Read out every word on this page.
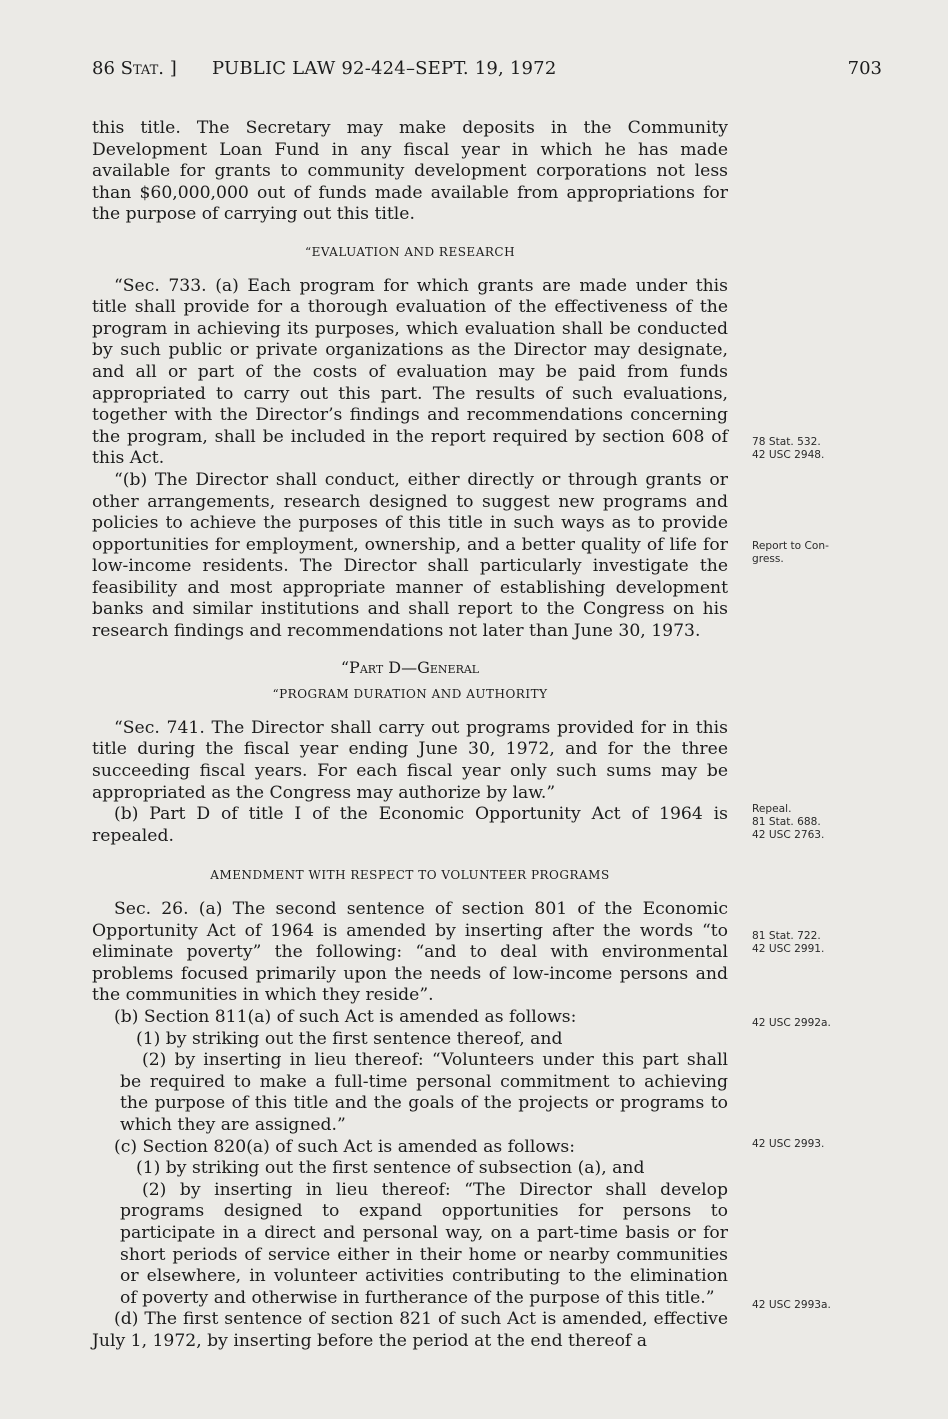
86 Stat. ] PUBLIC LAW 92-424–SEPT. 19, 1972	703

this title. The Secretary may make deposits in the Community Development Loan Fund in any fiscal year in which he has made available for grants to community development corporations not less than $60,000,000 out of funds made available from appropriations for the purpose of carrying out this title.

“EVALUATION AND RESEARCH

“Sec. 733. (a) Each program for which grants are made under this title shall provide for a thorough evaluation of the effectiveness of the program in achieving its purposes, which evaluation shall be conducted by such public or private organizations as the Director may designate, and all or part of the costs of evaluation may be paid from funds appropriated to carry out this part. The results of such evaluations, together with the Director’s findings and recommendations concerning the program, shall be included in the report required by section 608 of this Act.

“(b) The Director shall conduct, either directly or through grants or other arrangements, research designed to suggest new programs and policies to achieve the purposes of this title in such ways as to provide opportunities for employment, ownership, and a better quality of life for low-income residents. The Director shall particularly investigate the feasibility and most appropriate manner of establishing development banks and similar institutions and shall report to the Congress on his research findings and recommendations not later than June 30, 1973.

“Part D—General
“PROGRAM DURATION AND AUTHORITY

“Sec. 741. The Director shall carry out programs provided for in this title during the fiscal year ending June 30, 1972, and for the three succeeding fiscal years. For each fiscal year only such sums may be appropriated as the Congress may authorize by law.”

(b) Part D of title I of the Economic Opportunity Act of 1964 is repealed.

AMENDMENT WITH RESPECT TO VOLUNTEER PROGRAMS

Sec. 26. (a) The second sentence of section 801 of the Economic Opportunity Act of 1964 is amended by inserting after the words “to eliminate poverty” the following: “and to deal with environmental problems focused primarily upon the needs of low-income persons and the communities in which they reside”.

(b) Section 811(a) of such Act is amended as follows:

(1) by striking out the first sentence thereof, and

(2) by inserting in lieu thereof: “Volunteers under this part shall be required to make a full-time personal commitment to achieving the purpose of this title and the goals of the projects or programs to which they are assigned.”

(c) Section 820(a) of such Act is amended as follows:

(1) by striking out the first sentence of subsection (a), and

(2) by inserting in lieu thereof: “The Director shall develop programs designed to expand opportunities for persons to participate in a direct and personal way, on a part-time basis or for short periods of service either in their home or nearby communities or elsewhere, in volunteer activities contributing to the elimination of poverty and otherwise in furtherance of the purpose of this title.”

(d) The first sentence of section 821 of such Act is amended, effective July 1, 1972, by inserting before the period at the end thereof a

78 Stat. 532.
42 USC 2948.
Report to Con-
gress.
Repeal.
81 Stat. 688.
42 USC 2763.
81 Stat. 722.
42 USC 2991.
42 USC 2992a.
42 USC 2993.
42 USC 2993a.
